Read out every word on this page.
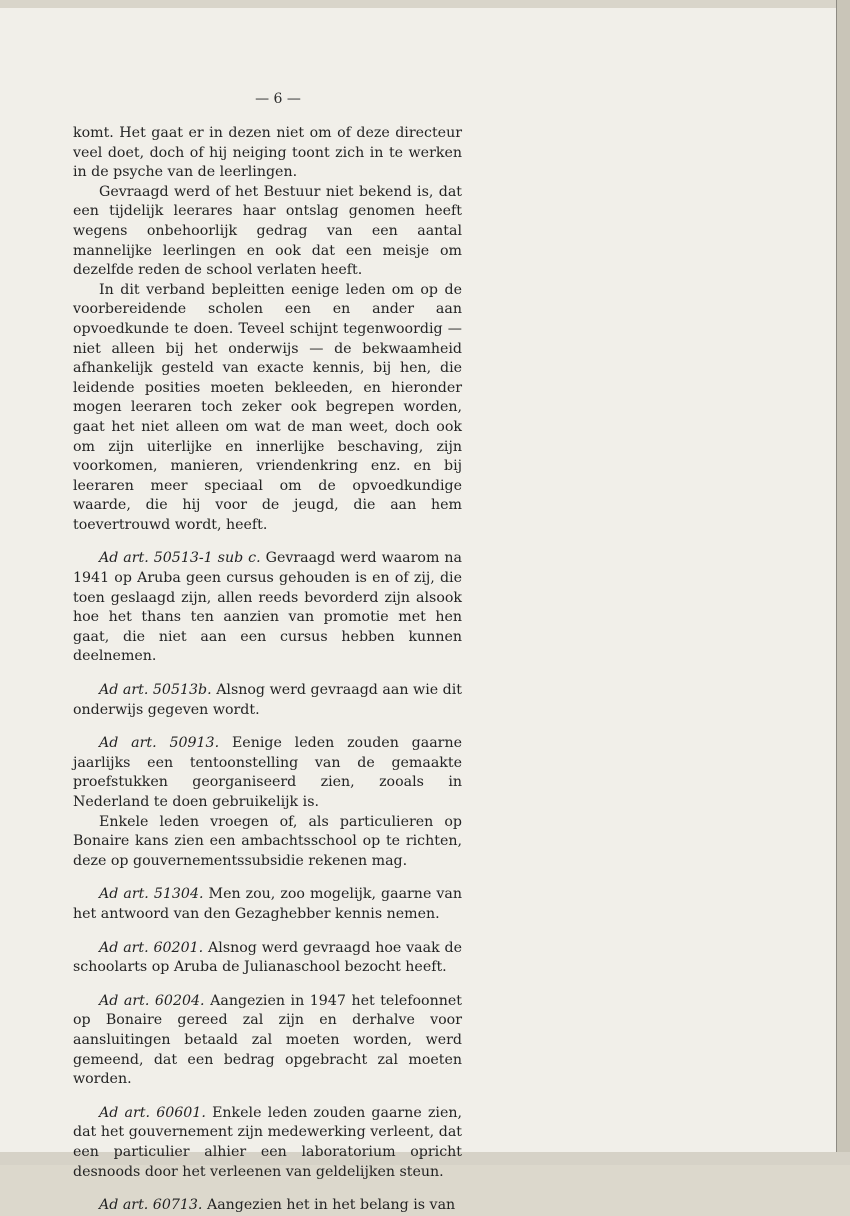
— 6 —

komt. Het gaat er in dezen niet om of deze directeur veel doet, doch of hij neiging toont zich in te werken in de psyche van de leerlingen.

Gevraagd werd of het Bestuur niet bekend is, dat een tijdelijk leerares haar ontslag genomen heeft wegens onbehoorlijk gedrag van een aantal mannelijke leerlingen en ook dat een meisje om dezelfde reden de school verlaten heeft.

In dit verband bepleitten eenige leden om op de voorbereidende scholen een en ander aan opvoedkunde te doen. Teveel schijnt tegenwoordig — niet alleen bij het onderwijs — de bekwaamheid afhankelijk gesteld van exacte kennis, bij hen, die leidende posities moeten bekleeden, en hieronder mogen leeraren toch zeker ook begrepen worden, gaat het niet alleen om wat de man weet, doch ook om zijn uiterlijke en innerlijke beschaving, zijn voorkomen, manieren, vriendenkring enz. en bij leeraren meer speciaal om de opvoedkundige waarde, die hij voor de jeugd, die aan hem toevertrouwd wordt, heeft.

Ad art. 50513-1 sub c. Gevraagd werd waarom na 1941 op Aruba geen cursus gehouden is en of zij, die toen geslaagd zijn, allen reeds bevorderd zijn alsook hoe het thans ten aanzien van promotie met hen gaat, die niet aan een cursus hebben kunnen deelnemen.

Ad art. 50513b. Alsnog werd gevraagd aan wie dit onderwijs gegeven wordt.

Ad art. 50913. Eenige leden zouden gaarne jaarlijks een tentoonstelling van de gemaakte proefstukken georganiseerd zien, zooals in Nederland te doen gebruikelijk is.

Enkele leden vroegen of, als particulieren op Bonaire kans zien een ambachtsschool op te richten, deze op gouvernementssubsidie rekenen mag.

Ad art. 51304. Men zou, zoo mogelijk, gaarne van het antwoord van den Gezaghebber kennis nemen.

Ad art. 60201. Alsnog werd gevraagd hoe vaak de schoolarts op Aruba de Julianaschool bezocht heeft.

Ad art. 60204. Aangezien in 1947 het telefoonnet op Bonaire gereed zal zijn en derhalve voor aansluitingen betaald zal moeten worden, werd gemeend, dat een bedrag opgebracht zal moeten worden.

Ad art. 60601. Enkele leden zouden gaarne zien, dat het gouvernement zijn medewerking verleent, dat een particulier alhier een laboratorium opricht desnoods door het verleenen van geldelijken steun.

Ad art. 60713. Aangezien het in het belang is van
